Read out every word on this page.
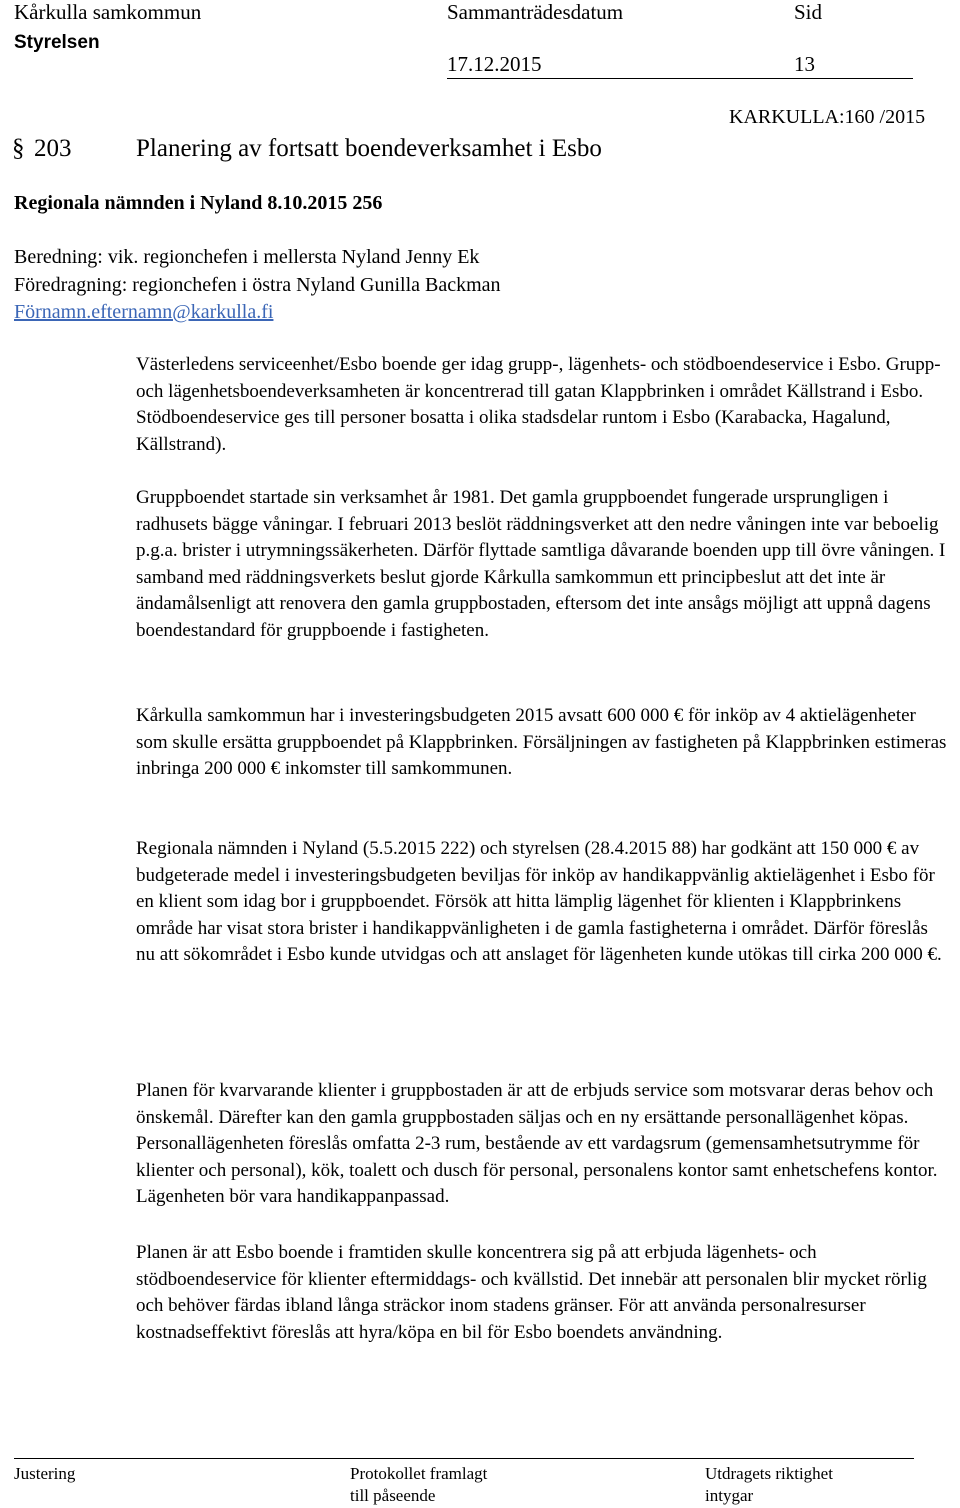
Kårkulla samkommun	Sammanträdesdatum	Sid
Styrelsen
17.12.2015	13
KARKULLA:160 /2015
§ 203	Planering av fortsatt boendeverksamhet i Esbo
Regionala nämnden i Nyland 8.10.2015 256
Beredning: vik. regionchefen i mellersta Nyland Jenny Ek
Föredragning: regionchefen i östra Nyland Gunilla Backman
Förnamn.efternamn@karkulla.fi

Västerledens serviceenhet/Esbo boende ger idag grupp-, lägenhets- och stödboendeservice i Esbo. Grupp- och lägenhetsboendeverksamheten är koncentrerad till gatan Klappbrinken i området Källstrand i Esbo. Stödboendeservice ges till personer bosatta i olika stadsdelar runtom i Esbo (Karabacka, Hagalund, Källstrand).

Gruppboendet startade sin verksamhet år 1981. Det gamla gruppboendet fungerade ursprungligen i radhusets bägge våningar. I februari 2013 beslöt räddningsverket att den nedre våningen inte var beboelig p.g.a. brister i utrymningssäkerheten. Därför flyttade samtliga dåvarande boenden upp till övre våningen. I samband med räddningsverkets beslut gjorde Kårkulla samkommun ett principbeslut att det inte är ändamålsenligt att renovera den gamla gruppbostaden, eftersom det inte ansågs möjligt att uppnå dagens boendestandard för gruppboende i fastigheten.

Kårkulla samkommun har i investeringsbudgeten 2015 avsatt 600 000 € för inköp av 4 aktielägenheter som skulle ersätta gruppboendet på Klappbrinken. Försäljningen av fastigheten på Klappbrinken estimeras inbringa 200 000 € inkomster till samkommunen.

Regionala nämnden i Nyland (5.5.2015 222) och styrelsen (28.4.2015 88) har godkänt att 150 000 € av budgeterade medel i investeringsbudgeten beviljas för inköp av handikappvänlig aktielägenhet i Esbo för en klient som idag bor i gruppboendet. Försök att hitta lämplig lägenhet för klienten i Klappbrinkens område har visat stora brister i handikappvänligheten i de gamla fastigheterna i området. Därför föreslås nu att sökområdet i Esbo kunde utvidgas och att anslaget för lägenheten kunde utökas till cirka 200 000 €.

Planen för kvarvarande klienter i gruppbostaden är att de erbjuds service som motsvarar deras behov och önskemål. Därefter kan den gamla gruppbostaden säljas och en ny ersättande personallägenhet köpas. Personallägenheten föreslås omfatta 2-3 rum, bestående av ett vardagsrum (gemensamhetsutrymme för klienter och personal), kök, toalett och dusch för personal, personalens kontor samt enhetschefens kontor. Lägenheten bör vara handikappanpassad.

Planen är att Esbo boende i framtiden skulle koncentrera sig på att erbjuda lägenhets- och stödboendeservice för klienter eftermiddags- och kvällstid. Det innebär att personalen blir mycket rörlig och behöver färdas ibland långa sträckor inom stadens gränser. För att använda personalresurser kostnadseffektivt föreslås att hyra/köpa en bil för Esbo boendets användning.

Justering	Protokollet framlagt
till påseende
Utdragets riktighet
intygar
